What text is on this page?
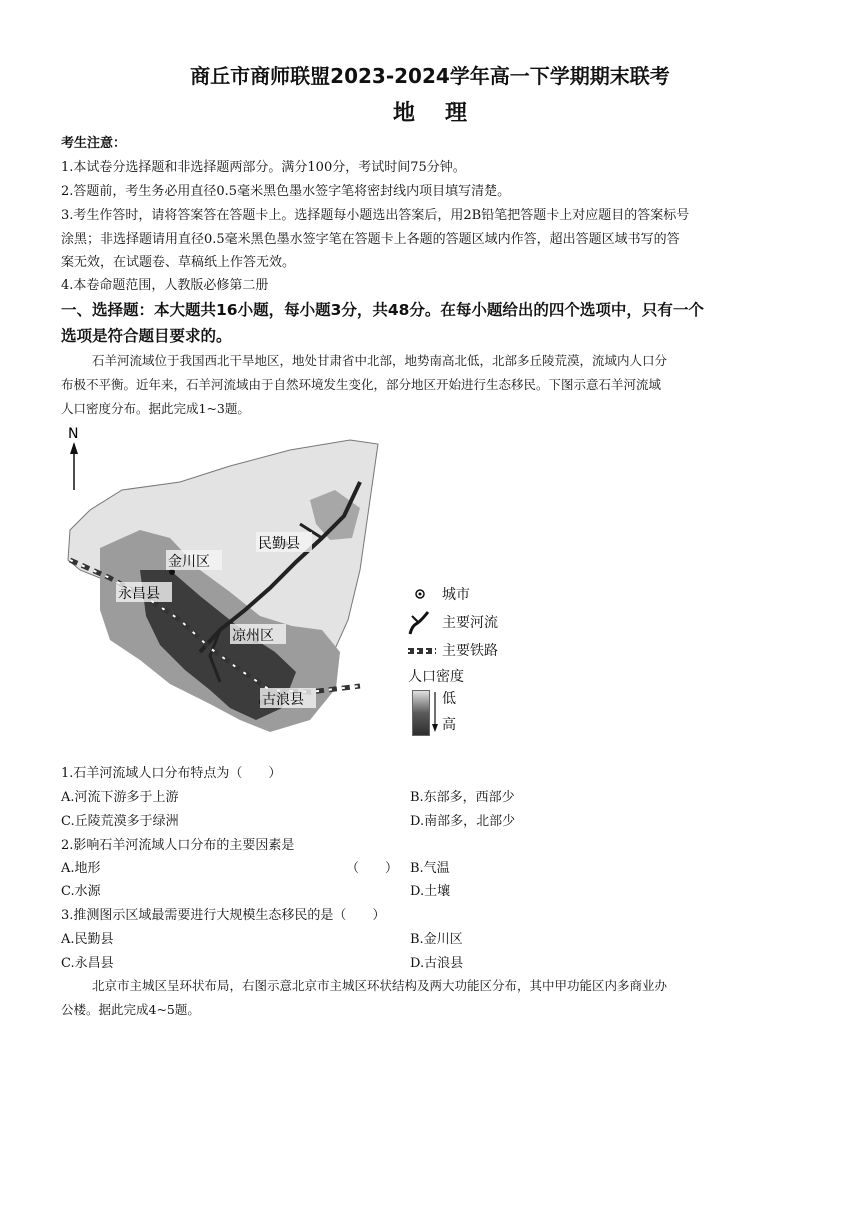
商丘市商师联盟2023-2024学年高一下学期期末联考
地理
考生注意：
1.本试卷分选择题和非选择题两部分。满分100分，考试时间75分钟。
2.答题前，考生务必用直径0.5毫米黑色墨水签字笔将密封线内项目填写清楚。
3.考生作答时，请将答案答在答题卡上。选择题每小题选出答案后，用2B铅笔把答题卡上对应题目的答案标号
涂黑；非选择题请用直径0.5毫米黑色墨水签字笔在答题卡上各题的答题区域内作答，超出答题区域书写的答
案无效，在试题卷、草稿纸上作答无效。
4.本卷命题范围，人教版必修第二册
一、选择题：本大题共16小题，每小题3分，共48分。在每小题给出的四个选项中，只有一个
选项是符合题目要求的。
石羊河流域位于我国西北干旱地区，地处甘肃省中北部，地势南高北低，北部多丘陵荒漠，流域内人口分
布极不平衡。近年来，石羊河流域由于自然环境发生变化，部分地区开始进行生态移民。下图示意石羊河流域
人口密度分布。据此完成1~3题。
N
民勤县
金川区
永昌县
凉州区
古浪县
城市
主要河流
主要铁路
人口密度
低
高
1.石羊河流域人口分布特点为（　　）
A.河流下游多于上游	B.东部多，西部少
C.丘陵荒漠多于绿洲	D.南部多，北部少
2.影响石羊河流域人口分布的主要因素是
A.地形	（　　） B.气温
C.水源	D.土壤
3.推测图示区域最需要进行大规模生态移民的是（　　）
A.民勤县	B.金川区
C.永昌县	D.古浪县
北京市主城区呈环状布局，右图示意北京市主城区环状结构及两大功能区分布，其中甲功能区内多商业办
公楼。据此完成4~5题。
